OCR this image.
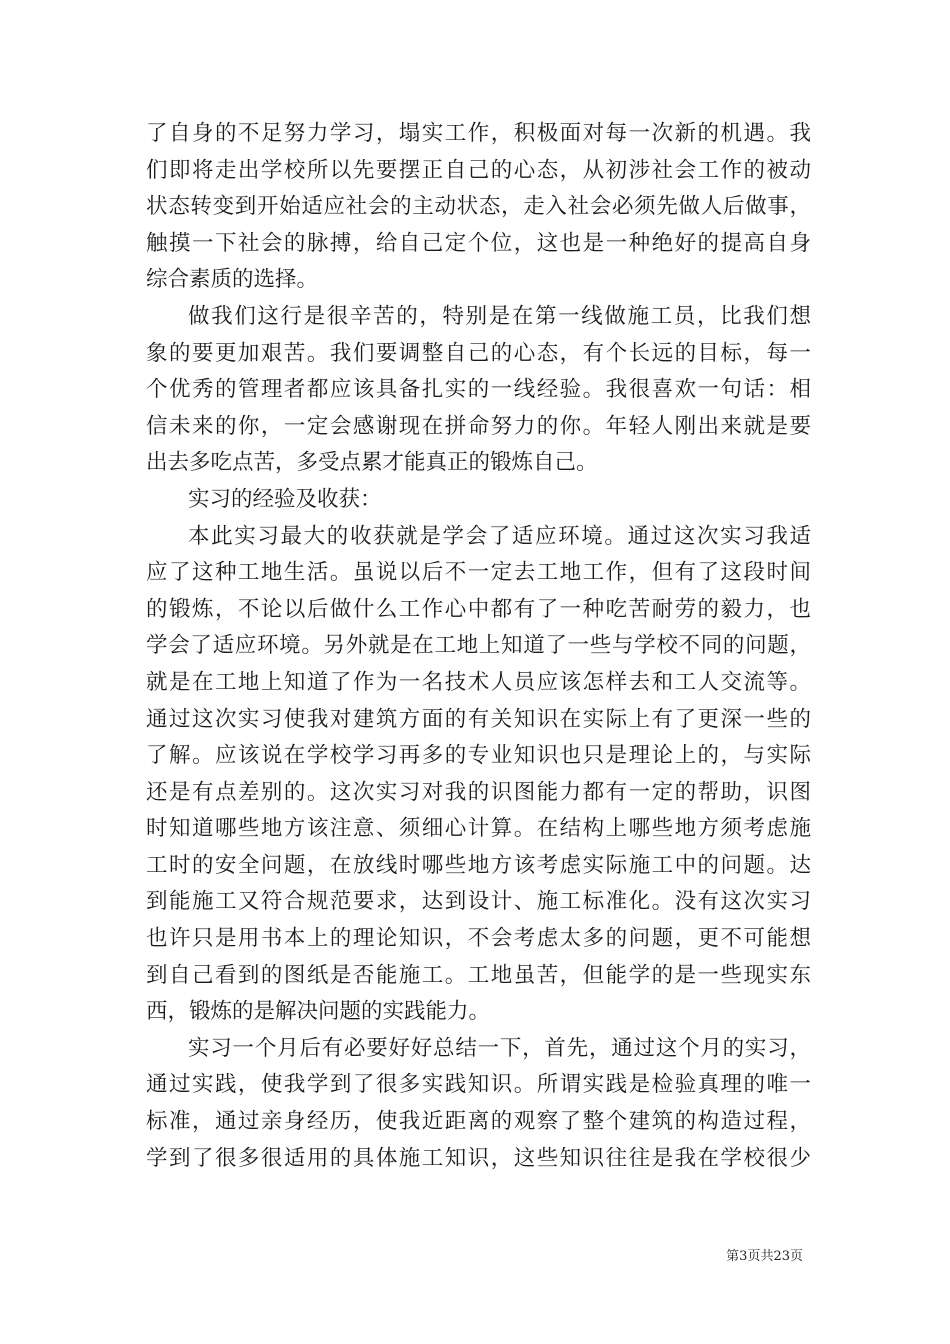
了自身的不足努力学习，塌实工作，积极面对每一次新的机遇。我
们即将走出学校所以先要摆正自己的心态，从初涉社会工作的被动
状态转变到开始适应社会的主动状态，走入社会必须先做人后做事，
触摸一下社会的脉搏，给自己定个位，这也是一种绝好的提高自身
综合素质的选择。
做我们这行是很辛苦的，特别是在第一线做施工员，比我们想
象的要更加艰苦。我们要调整自己的心态，有个长远的目标，每一
个优秀的管理者都应该具备扎实的一线经验。我很喜欢一句话：相
信未来的你，一定会感谢现在拼命努力的你。年轻人刚出来就是要
出去多吃点苦，多受点累才能真正的锻炼自己。
实习的经验及收获：
本此实习最大的收获就是学会了适应环境。通过这次实习我适
应了这种工地生活。虽说以后不一定去工地工作，但有了这段时间
的锻炼，不论以后做什么工作心中都有了一种吃苦耐劳的毅力，也
学会了适应环境。另外就是在工地上知道了一些与学校不同的问题，
就是在工地上知道了作为一名技术人员应该怎样去和工人交流等。
通过这次实习使我对建筑方面的有关知识在实际上有了更深一些的
了解。应该说在学校学习再多的专业知识也只是理论上的，与实际
还是有点差别的。这次实习对我的识图能力都有一定的帮助，识图
时知道哪些地方该注意、须细心计算。在结构上哪些地方须考虑施
工时的安全问题，在放线时哪些地方该考虑实际施工中的问题。达
到能施工又符合规范要求，达到设计、施工标准化。没有这次实习
也许只是用书本上的理论知识，不会考虑太多的问题，更不可能想
到自己看到的图纸是否能施工。工地虽苦，但能学的是一些现实东
西，锻炼的是解决问题的实践能力。
实习一个月后有必要好好总结一下，首先，通过这个月的实习，
通过实践，使我学到了很多实践知识。所谓实践是检验真理的唯一
标准，通过亲身经历，使我近距离的观察了整个建筑的构造过程，
学到了很多很适用的具体施工知识，这些知识往往是我在学校很少
第3页共23页
